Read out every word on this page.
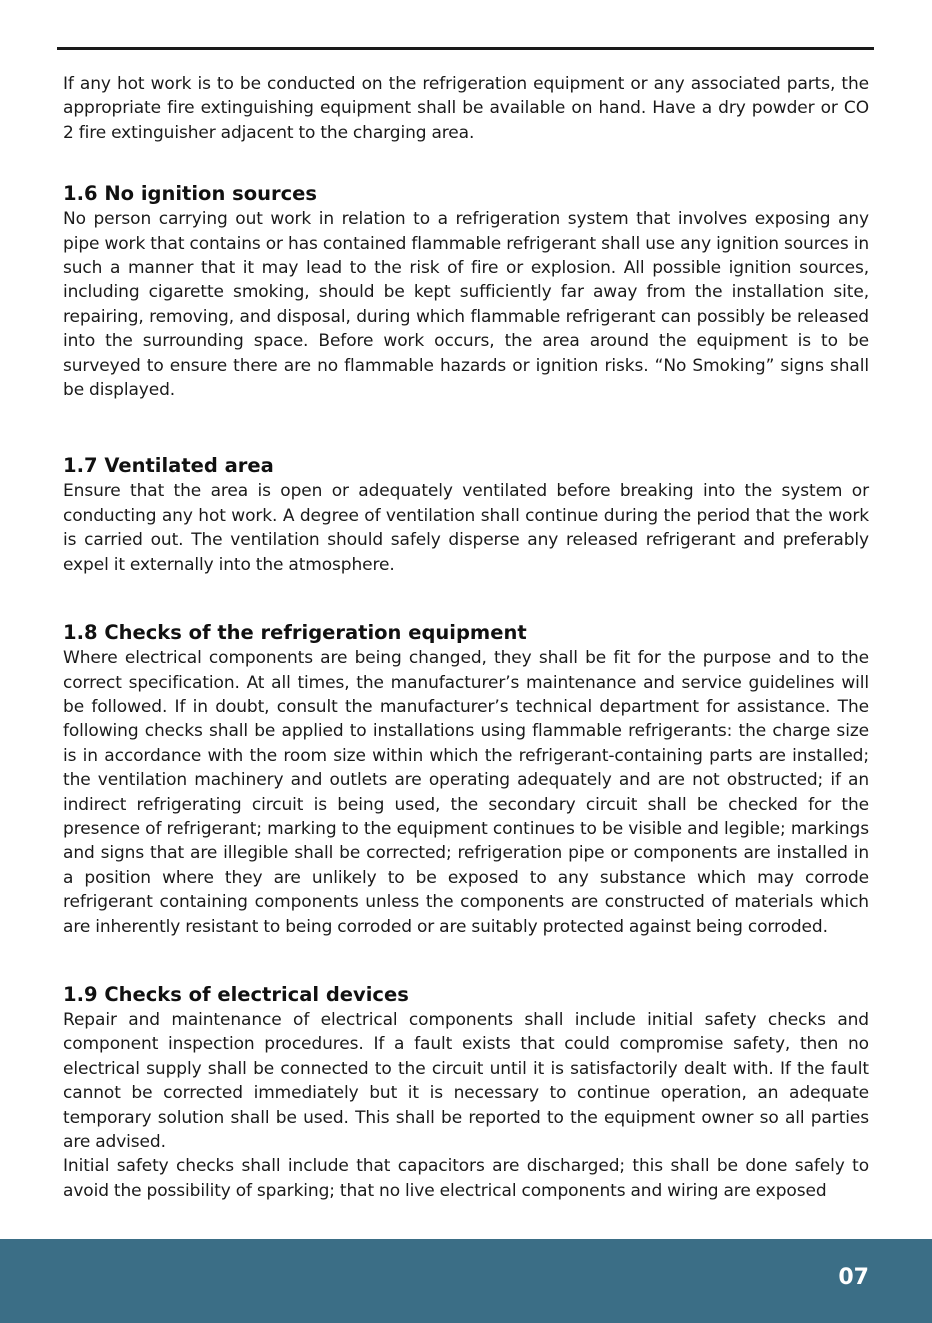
If any hot work is to be conducted on the refrigeration equipment or any associated parts, the appropriate fire extinguishing equipment shall be available on hand. Have a dry powder or CO 2 fire extinguisher adjacent to the charging area.

1.6 No ignition sources

No person carrying out work in relation to a refrigeration system that involves exposing any pipe work that contains or has contained flammable refrigerant shall use any ignition sources in such a manner that it may lead to the risk of fire or explosion. All possible ignition sources, including cigarette smoking, should be kept sufficiently far away from the installation site, repairing, removing, and disposal, during which flammable refrigerant can possibly be released into the surrounding space. Before work occurs, the area around the equipment is to be surveyed to ensure there are no flammable hazards or ignition risks. “No Smoking” signs shall be displayed.

1.7 Ventilated area

Ensure that the area is open or adequately ventilated before breaking into the system or conducting any hot work. A degree of ventilation shall continue during the period that the work is carried out. The ventilation should safely disperse any released refrigerant and preferably expel it externally into the atmosphere.

1.8 Checks of the refrigeration equipment

Where electrical components are being changed, they shall be fit for the purpose and to the correct specification. At all times, the manufacturer’s maintenance and service guidelines will be followed. If in doubt, consult the manufacturer’s technical department for assistance. The following checks shall be applied to installations using flammable refrigerants: the charge size is in accordance with the room size within which the refrigerant-containing parts are installed; the ventilation machinery and outlets are operating adequately and are not obstructed; if an indirect refrigerating circuit is being used, the secondary circuit shall be checked for the presence of refrigerant; marking to the equipment continues to be visible and legible; markings and signs that are illegible shall be corrected; refrigeration pipe or components are installed in a position where they are unlikely to be exposed to any substance which may corrode refrigerant containing components unless the components are constructed of materials which are inherently resistant to being corroded or are suitably protected against being corroded.

1.9 Checks of electrical devices

Repair and maintenance of electrical components shall include initial safety checks and component inspection procedures. If a fault exists that could compromise safety, then no electrical supply shall be connected to the circuit until it is satisfactorily dealt with. If the fault cannot be corrected immediately but it is necessary to continue operation, an adequate temporary solution shall be used. This shall be reported to the equipment owner so all parties are advised.

Initial safety checks shall include that capacitors are discharged; this shall be done safely to avoid the possibility of sparking; that no live electrical components and wiring are exposed

07
